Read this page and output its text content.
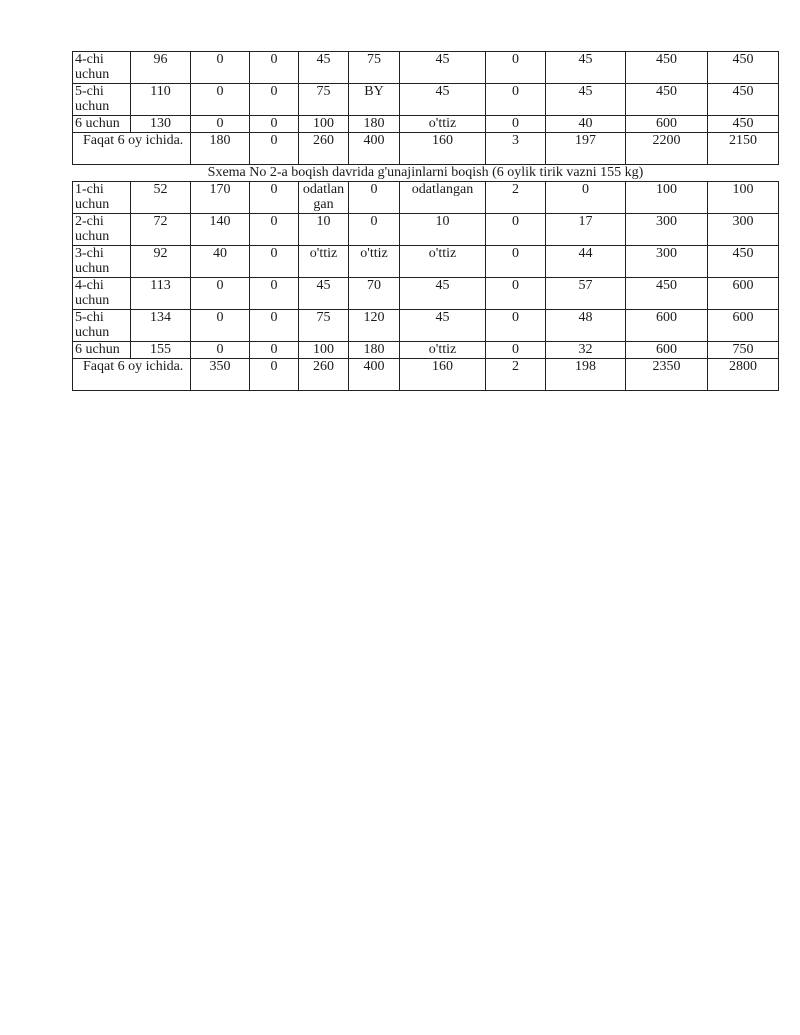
4-chi uchun	96	0	0	45	75	45	0	45	450	450
5-chi uchun	110	0	0	75	BY	45	0	45	450	450
6 uchun	130	0	0	100	180	o'ttiz	0	40	600	450
Faqat 6 oy ichida.		180	0	260	400	160	3	197	2200	2150
Sxema No 2-a boqish davrida g'unajinlarni boqish (6 oylik tirik vazni 155 kg)										
1-chi uchun	52	170	0	odatlangan	0	odatlangan	2	0	100	100
2-chi uchun	72	140	0	10	0	10	0	17	300	300
3-chi uchun	92	40	0	o'ttiz	o'ttiz	o'ttiz	0	44	300	450
4-chi uchun	113	0	0	45	70	45	0	57	450	600
5-chi uchun	134	0	0	75	120	45	0	48	600	600
6 uchun	155	0	0	100	180	o'ttiz	0	32	600	750
Faqat 6 oy ichida.		350	0	260	400	160	2	198	2350	2800
